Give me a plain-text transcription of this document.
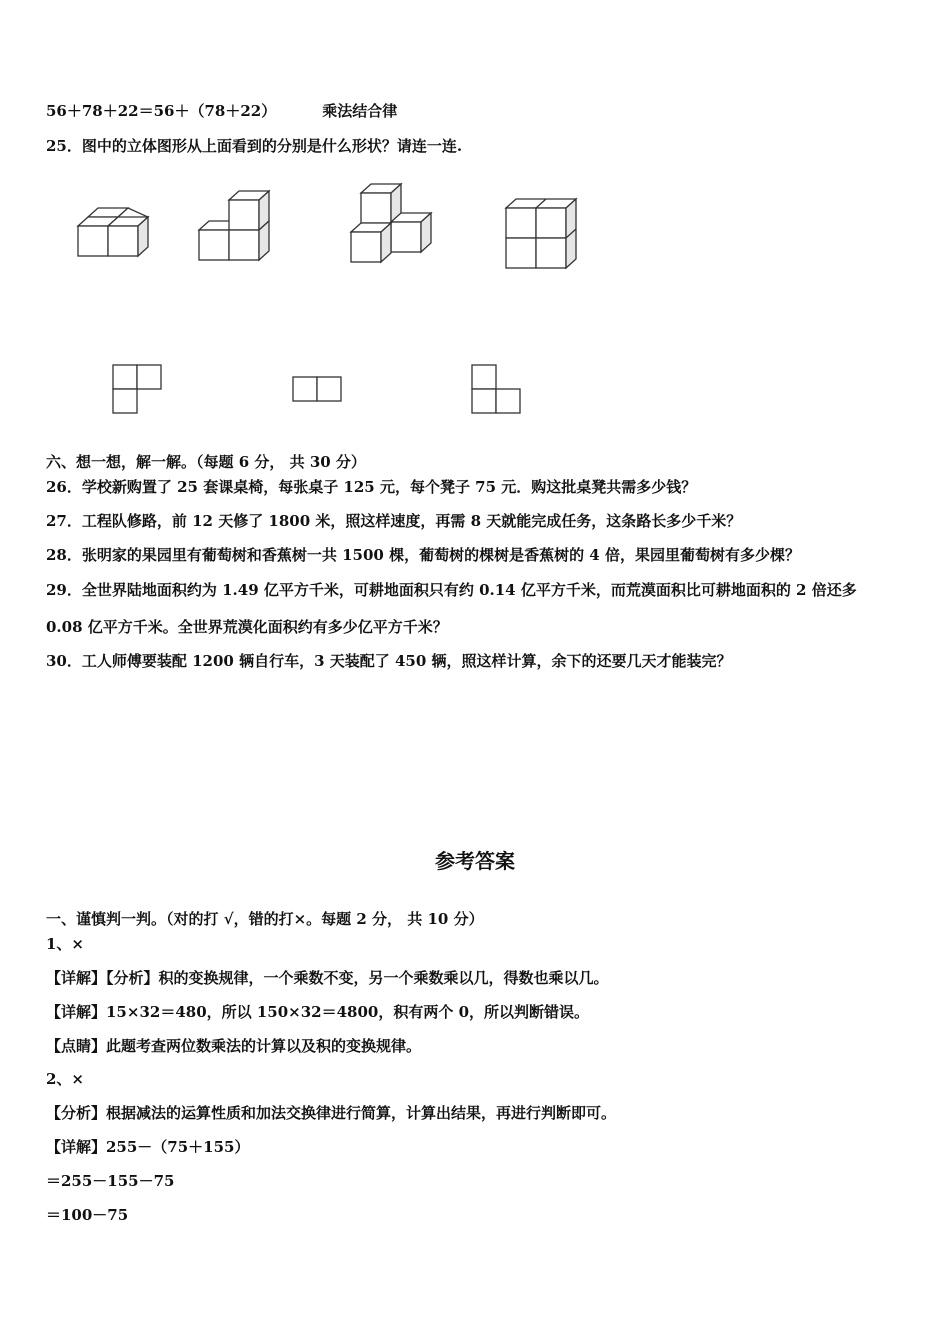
56＋78＋22＝56＋（78＋22）	乘法结合律
25．图中的立体图形从上面看到的分别是什么形状？请连一连.
六、想一想，解一解。（每题 6 分， 共 30 分）
26．学校新购置了 25 套课桌椅，每张桌子 125 元，每个凳子 75 元．购这批桌凳共需多少钱？
27．工程队修路，前 12 天修了 1800 米，照这样速度，再需 8 天就能完成任务，这条路长多少千米？
28．张明家的果园里有葡萄树和香蕉树一共 1500 棵，葡萄树的棵树是香蕉树的 4 倍，果园里葡萄树有多少棵？
29．全世界陆地面积约为 1.49 亿平方千米，可耕地面积只有约 0.14 亿平方千米，而荒漠面积比可耕地面积的 2 倍还多
0.08 亿平方千米。全世界荒漠化面积约有多少亿平方千米？
30．工人师傅要装配 1200 辆自行车，3 天装配了 450 辆，照这样计算，余下的还要几天才能装完？
参考答案
一、谨慎判一判。（对的打 √，错的打×。每题 2 分， 共 10 分）
1、×
【详解】【分析】积的变换规律，一个乘数不变，另一个乘数乘以几，得数也乘以几。
【详解】15×32＝480，所以 150×32＝4800，积有两个 0，所以判断错误。
【点睛】此题考查两位数乘法的计算以及积的变换规律。
2、×
【分析】根据减法的运算性质和加法交换律进行简算，计算出结果，再进行判断即可。
【详解】255－（75＋155）
＝255－155－75
＝100－75
